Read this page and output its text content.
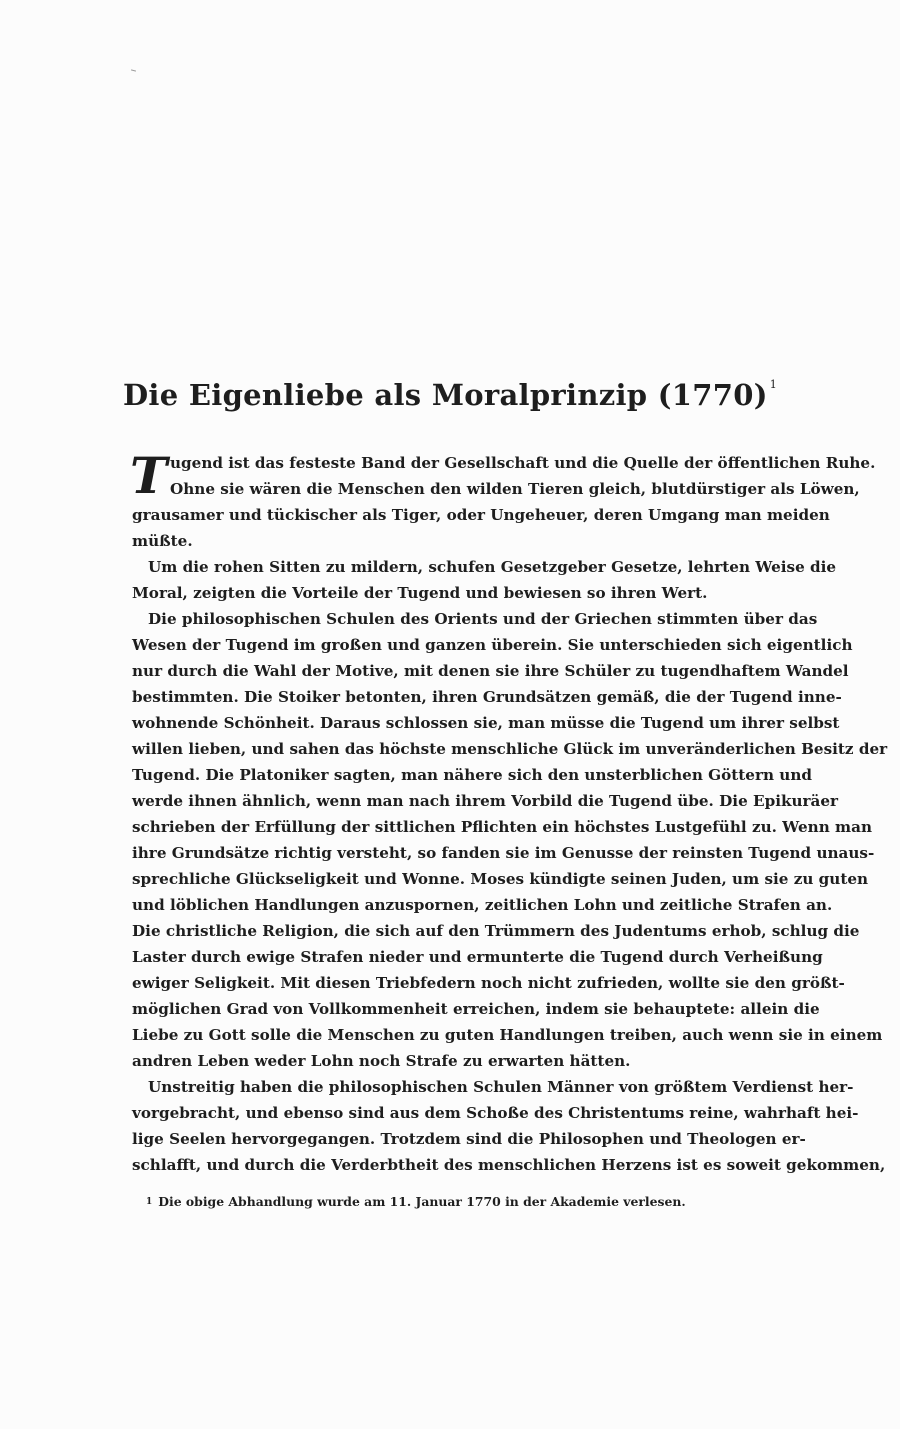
Die Eigenliebe als Moralprinzip (1770) $^1$
T ugend ist das festeste Band der Gesellschaft und die Quelle der öffentlichen Ruhe.
Ohne sie wären die Menschen den wilden Tieren gleich, blutdürstiger als Löwen,
grausamer und tückischer als Tiger, oder Ungeheuer, deren Umgang man meiden
müßte.
Um die rohen Sitten zu mildern, schufen Gesetzgeber Gesetze, lehrten Weise die
Moral, zeigten die Vorteile der Tugend und bewiesen so ihren Wert.
Die philosophischen Schulen des Orients und der Griechen stimmten über das
Wesen der Tugend im großen und ganzen überein. Sie unterschieden sich eigentlich
nur durch die Wahl der Motive, mit denen sie ihre Schüler zu tugendhaftem Wandel
bestimmten. Die Stoiker betonten, ihren Grundsätzen gemäß, die der Tugend inne-
wohnende Schönheit. Daraus schlossen sie, man müsse die Tugend um ihrer selbst
willen lieben, und sahen das höchste menschliche Glück im unveränderlichen Besitz der
Tugend. Die Platoniker sagten, man nähere sich den unsterblichen Göttern und
werde ihnen ähnlich, wenn man nach ihrem Vorbild die Tugend übe. Die Epikuräer
schrieben der Erfüllung der sittlichen Pflichten ein höchstes Lustgefühl zu. Wenn man
ihre Grundsätze richtig versteht, so fanden sie im Genusse der reinsten Tugend unaus-
sprechliche Glückseligkeit und Wonne. Moses kündigte seinen Juden, um sie zu guten
und löblichen Handlungen anzuspornen, zeitlichen Lohn und zeitliche Strafen an.
Die christliche Religion, die sich auf den Trümmern des Judentums erhob, schlug die
Laster durch ewige Strafen nieder und ermunterte die Tugend durch Verheißung
ewiger Seligkeit. Mit diesen Triebfedern noch nicht zufrieden, wollte sie den größt-
möglichen Grad von Vollkommenheit erreichen, indem sie behauptete: allein die
Liebe zu Gott solle die Menschen zu guten Handlungen treiben, auch wenn sie in einem
andren Leben weder Lohn noch Strafe zu erwarten hätten.
Unstreitig haben die philosophischen Schulen Männer von größtem Verdienst her-
vorgebracht, und ebenso sind aus dem Schoße des Christentums reine, wahrhaft hei-
lige Seelen hervorgegangen. Trotzdem sind die Philosophen und Theologen er-
schlafft, und durch die Verderbtheit des menschlichen Herzens ist es soweit gekommen,
$^1$ Die obige Abhandlung wurde am 11. Januar 1770 in der Akademie verlesen.
